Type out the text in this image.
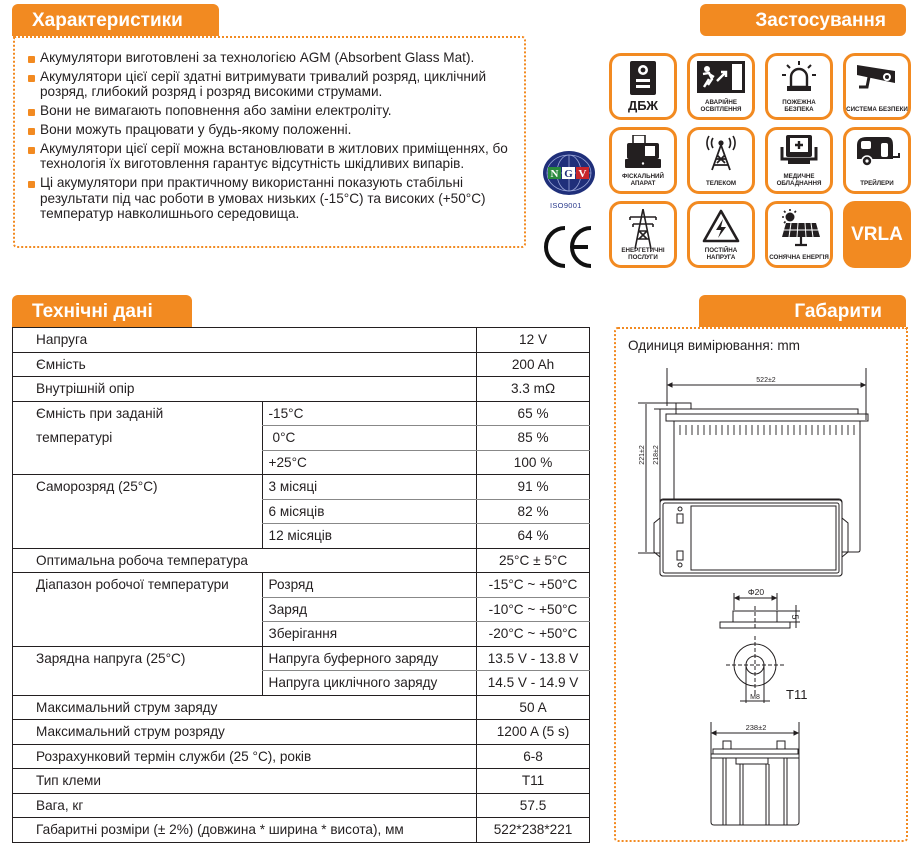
Характеристики
Акумулятори виготовлені за технологією AGM (Absorbent Glass Mat).
Акумулятори цієї серії здатні витримувати тривалий розряд, циклічний розряд, глибокий розряд і розряд високими струмами.
Вони не вимагають поповнення або заміни електроліту.
Вони можуть працювати у будь-якому положенні.
Акумулятори цієї серії можна встановлювати в житлових приміщеннях, бо технологія їх виготовлення гарантує відсутність шкідливих випарів.
Ці акумулятори при практичному використанні показують стабільні результати під час роботи в умовах низьких (-15°C) та високих (+50°C) температур навколишнього середовища.
N G V
ISO9001
Застосування
ДБЖ	АВАРІЙНЕ ОСВІТЛЕННЯ
ПОЖЕЖНА БЕЗПЕКА	СИСТЕМА БЕЗПЕКИ
ФІСКАЛЬНИЙ АПАРАТ	ТЕЛЕКОМ
МЕДИЧНЕ ОБЛАДНАННЯ	ТРЕЙЛЕРИ
ЕНЕРГЕТИЧНІ ПОСЛУГИ
ПОСТІЙНА НАПРУГА	СОНЯЧНА ЕНЕРГІЯ
VRLA
Технічні дані
Напруга		12 V
Ємність		200 Ah
Внутрішній опір		3.3 mΩ

Ємність при заданій
температурі	-15°C	65 %
	0°C	85 %
	+25°C	100 %
Саморозряд (25°C)	3 місяці	91 %
	6 місяців	82 %
	12 місяців	64 %
Оптимальна робоча температура		25°C ± 5°C
Діапазон робочої температури	Розряд	-15°C ~ +50°C
	Заряд	-10°C ~ +50°C
	Зберігання	-20°C ~ +50°C
Зарядна напруга (25°C)	Напруга буферного заряду	13.5 V - 13.8 V
	Напруга циклічного заряду	14.5 V - 14.9 V
Максимальний струм заряду		50 A
Максимальний струм розряду		1200 A (5 s)
Розрахунковий термін служби (25 °C), років		6-8
Тип клеми		T11
Вага, кг		57.5
Габаритні розміри (± 2%) (довжина * ширина * висота), мм		522*238*221
Габарити
Одиниця вимірювання: mm
522±2
221±2 218±2
Φ20
5
M8 T11
238±2
